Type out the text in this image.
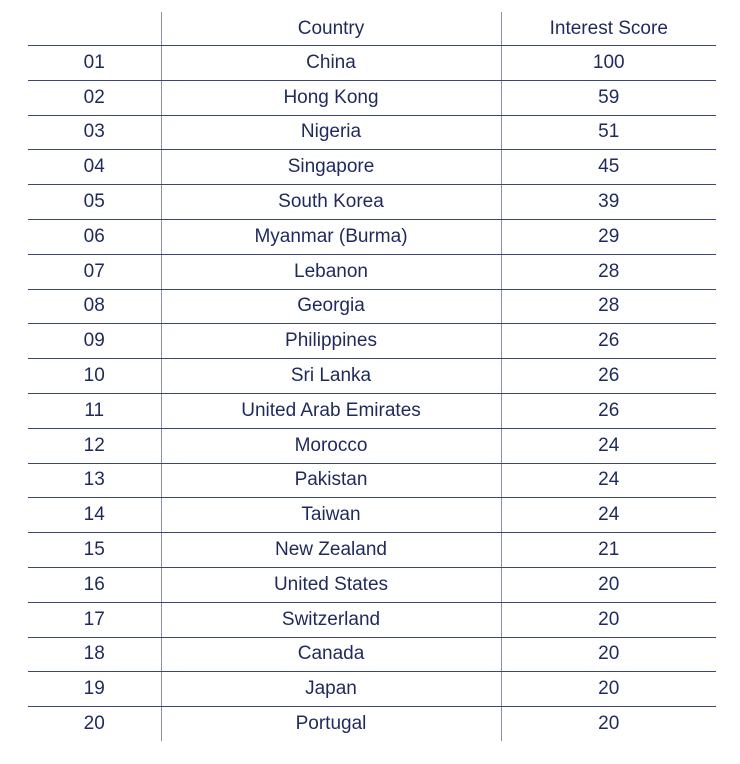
	Country	Interest Score
01	China	100
02	Hong Kong	59
03	Nigeria	51
04	Singapore	45
05	South Korea	39
06	Myanmar (Burma)	29
07	Lebanon	28
08	Georgia	28
09	Philippines	26
10	Sri Lanka	26
11	United Arab Emirates	26
12	Morocco	24
13	Pakistan	24
14	Taiwan	24
15	New Zealand	21
16	United States	20
17	Switzerland	20
18	Canada	20
19	Japan	20
20	Portugal	20
